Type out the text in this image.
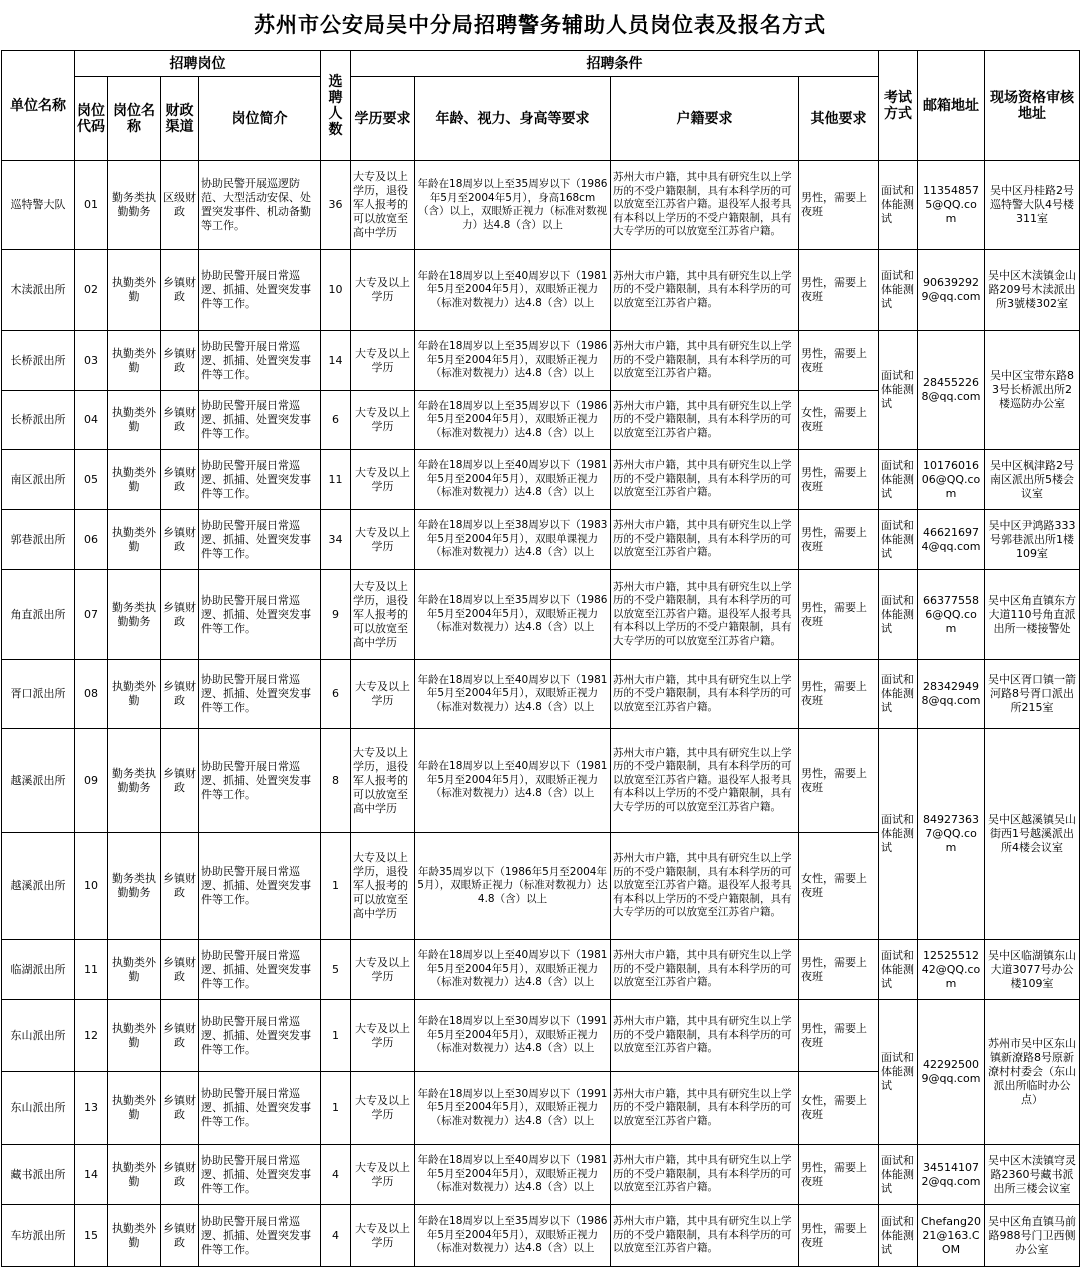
苏州市公安局吴中分局招聘警务辅助人员岗位表及报名方式
单位名称	招聘岗位				选聘人数	招聘条件				考试方式	邮箱地址	现场资格审核地址
	岗位代码	岗位名称	财政渠道	岗位简介		学历要求	年龄、视力、身高等要求	户籍要求	其他要求			
巡特警大队	01	勤务类执勤勤务	区级财政	协助民警开展巡逻防范、大型活动安保、处置突发事件、机动备勤等工作。	36	大专及以上学历，退役军人报考的可以放宽至高中学历	年龄在18周岁以上至35周岁以下（1986年5月至2004年5月），身高168cm（含）以上，双眼矫正视力（标准对数视力）达4.8（含）以上	苏州大市户籍，其中具有研究生以上学历的不受户籍限制，具有本科学历的可以放宽至江苏省户籍。退役军人报考具有本科以上学历的不受户籍限制，具有大专学历的可以放宽至江苏省户籍。	男性，需要上夜班	面试和体能测试	113548575@QQ.com	吴中区丹桂路2号巡特警大队4号楼311室
木渎派出所	02	执勤类外勤	乡镇财政	协助民警开展日常巡逻、抓捕、处置突发事件等工作。	10	大专及以上学历	年龄在18周岁以上至40周岁以下（1981年5月至2004年5月），双眼矫正视力（标准对数视力）达4.8（含）以上	苏州大市户籍，其中具有研究生以上学历的不受户籍限制，具有本科学历的可以放宽至江苏省户籍。	男性，需要上夜班	面试和体能测试	906392929@qq.com	吴中区木渎镇金山路209号木渎派出所3號楼302室
长桥派出所	03	执勤类外勤	乡镇财政	协助民警开展日常巡逻、抓捕、处置突发事件等工作。	14	大专及以上学历	年龄在18周岁以上至35周岁以下（1986年5月至2004年5月），双眼矫正视力（标准对数视力）达4.8（含）以上	苏州大市户籍，其中具有研究生以上学历的不受户籍限制，具有本科学历的可以放宽至江苏省户籍。	男性，需要上夜班	面试和体能测试	284552268@qq.com	吴中区宝带东路83号长桥派出所2楼巡防办公室
长桥派出所	04	执勤类外勤	乡镇财政	协助民警开展日常巡逻、抓捕、处置突发事件等工作。	6	大专及以上学历	年龄在18周岁以上至35周岁以下（1986年5月至2004年5月），双眼矫正视力（标准对数视力）达4.8（含）以上	苏州大市户籍，其中具有研究生以上学历的不受户籍限制，具有本科学历的可以放宽至江苏省户籍。	女性，需要上夜班			
南区派出所	05	执勤类外勤	乡镇财政	协助民警开展日常巡逻、抓捕、处置突发事件等工作。	11	大专及以上学历	年龄在18周岁以上至40周岁以下（1981年5月至2004年5月），双眼矫正视力（标准对数视力）达4.8（含）以上	苏州大市户籍，其中具有研究生以上学历的不受户籍限制，具有本科学历的可以放宽至江苏省户籍。	男性，需要上夜班	面试和体能测试	1017601606@QQ.com	吴中区枫津路2号南区派出所5楼会议室
郭巷派出所	06	执勤类外勤	乡镇财政	协助民警开展日常巡逻、抓捕、处置突发事件等工作。	34	大专及以上学历	年龄在18周岁以上至38周岁以下（1983年5月至2004年5月），双眼单课视力（标准对数视力）达4.8（含）以上	苏州大市户籍，其中具有研究生以上学历的不受户籍限制，具有本科学历的可以放宽至江苏省户籍。	男性，需要上夜班	面试和体能测试	466216974@qq.com	吴中区尹鸿路333号郭巷派出所1楼109室
角直派出所	07	勤务类执勤勤务	乡镇财政	协助民警开展日常巡逻、抓捕、处置突发事件等工作。	9	大专及以上学历，退役军人报考的可以放宽至高中学历	年龄在18周岁以上至35周岁以下（1986年5月至2004年5月），双眼矫正视力（标准对数视力）达4.8（含）以上	苏州大市户籍，其中具有研究生以上学历的不受户籍限制，具有本科学历的可以放宽至江苏省户籍。退役军人报考具有本科以上学历的不受户籍限制，具有大专学历的可以放宽至江苏省户籍。	男性，需要上夜班	面试和体能测试	663775586@QQ.com	吴中区角直镇东方大道110号角直派出所一楼接警处
胥口派出所	08	执勤类外勤	乡镇财政	协助民警开展日常巡逻、抓捕、处置突发事件等工作。	6	大专及以上学历	年龄在18周岁以上至40周岁以下（1981年5月至2004年5月），双眼矫正视力（标准对数视力）达4.8（含）以上	苏州大市户籍，其中具有研究生以上学历的不受户籍限制，具有本科学历的可以放宽至江苏省户籍。	男性，需要上夜班	面试和体能测试	283429498@qq.com	吴中区胥口镇一箭河路8号胥口派出所215室
越溪派出所	09	勤务类执勤勤务	乡镇财政	协助民警开展日常巡逻、抓捕、处置突发事件等工作。	8	大专及以上学历，退役军人报考的可以放宽至高中学历	年龄在18周岁以上至40周岁以下（1981年5月至2004年5月），双眼矫正视力（标准对数视力）达4.8（含）以上	苏州大市户籍，其中具有研究生以上学历的不受户籍限制，具有本科学历的可以放宽至江苏省户籍。退役军人报考具有本科以上学历的不受户籍限制，具有大专学历的可以放宽至江苏省户籍。	男性，需要上夜班	面试和体能测试	849273637@QQ.com	吴中区越溪镇吴山街西1号越溪派出所4楼会议室
越溪派出所	10	勤务类执勤勤务	乡镇财政	协助民警开展日常巡逻、抓捕、处置突发事件等工作。	1	大专及以上学历，退役军人报考的可以放宽至高中学历	年龄35周岁以下（1986年5月至2004年5月），双眼矫正视力（标准对数视力）达4.8（含）以上	苏州大市户籍，其中具有研究生以上学历的不受户籍限制，具有本科学历的可以放宽至江苏省户籍。退役军人报考具有本科以上学历的不受户籍限制，具有大专学历的可以放宽至江苏省户籍。	女性，需要上夜班			
临湖派出所	11	执勤类外勤	乡镇财政	协助民警开展日常巡逻、抓捕、处置突发事件等工作。	5	大专及以上学历	年龄在18周岁以上至40周岁以下（1981年5月至2004年5月），双眼矫正视力（标准对数视力）达4.8（含）以上	苏州大市户籍，其中具有研究生以上学历的不受户籍限制，具有本科学历的可以放宽至江苏省户籍。	男性，需要上夜班	面试和体能测试	1252551242@QQ.com	吴中区临湖镇东山大道3077号办公楼109室
东山派出所	12	执勤类外勤	乡镇财政	协助民警开展日常巡逻、抓捕、处置突发事件等工作。	1	大专及以上学历	年龄在18周岁以上至30周岁以下（1991年5月至2004年5月），双眼矫正视力（标准对数视力）达4.8（含）以上	苏州大市户籍，其中具有研究生以上学历的不受户籍限制，具有本科学历的可以放宽至江苏省户籍。	男性，需要上夜班	面试和体能测试	422925009@qq.com	苏州市吴中区东山镇新潦路8号原新潦村村委会（东山派出所临时办公点）
东山派出所	13	执勤类外勤	乡镇财政	协助民警开展日常巡逻、抓捕、处置突发事件等工作。	1	大专及以上学历	年龄在18周岁以上至30周岁以下（1991年5月至2004年5月），双眼矫正视力（标准对数视力）达4.8（含）以上	苏州大市户籍，其中具有研究生以上学历的不受户籍限制，具有本科学历的可以放宽至江苏省户籍。	女性，需要上夜班			
藏书派出所	14	执勤类外勤	乡镇财政	协助民警开展日常巡逻、抓捕、处置突发事件等工作。	4	大专及以上学历	年龄在18周岁以上至40周岁以下（1981年5月至2004年5月），双眼矫正视力（标准对数视力）达4.8（含）以上	苏州大市户籍，其中具有研究生以上学历的不受户籍限制，具有本科学历的可以放宽至江苏省户籍。	男性，需要上夜班	面试和体能测试	345141072@qq.com	吴中区木渎镇穹灵路2360号藏书派出所三楼会议室
车坊派出所	15	执勤类外勤	乡镇财政	协助民警开展日常巡逻、抓捕、处置突发事件等工作。	4	大专及以上学历	年龄在18周岁以上至35周岁以下（1986年5月至2004年5月），双眼矫正视力（标准对数视力）达4.8（含）以上	苏州大市户籍，其中具有研究生以上学历的不受户籍限制，具有本科学历的可以放宽至江苏省户籍。	男性，需要上夜班	面试和体能测试	Chefang2021@163.COM	吴中区角直镇马前路988号门卫西侧办公室
